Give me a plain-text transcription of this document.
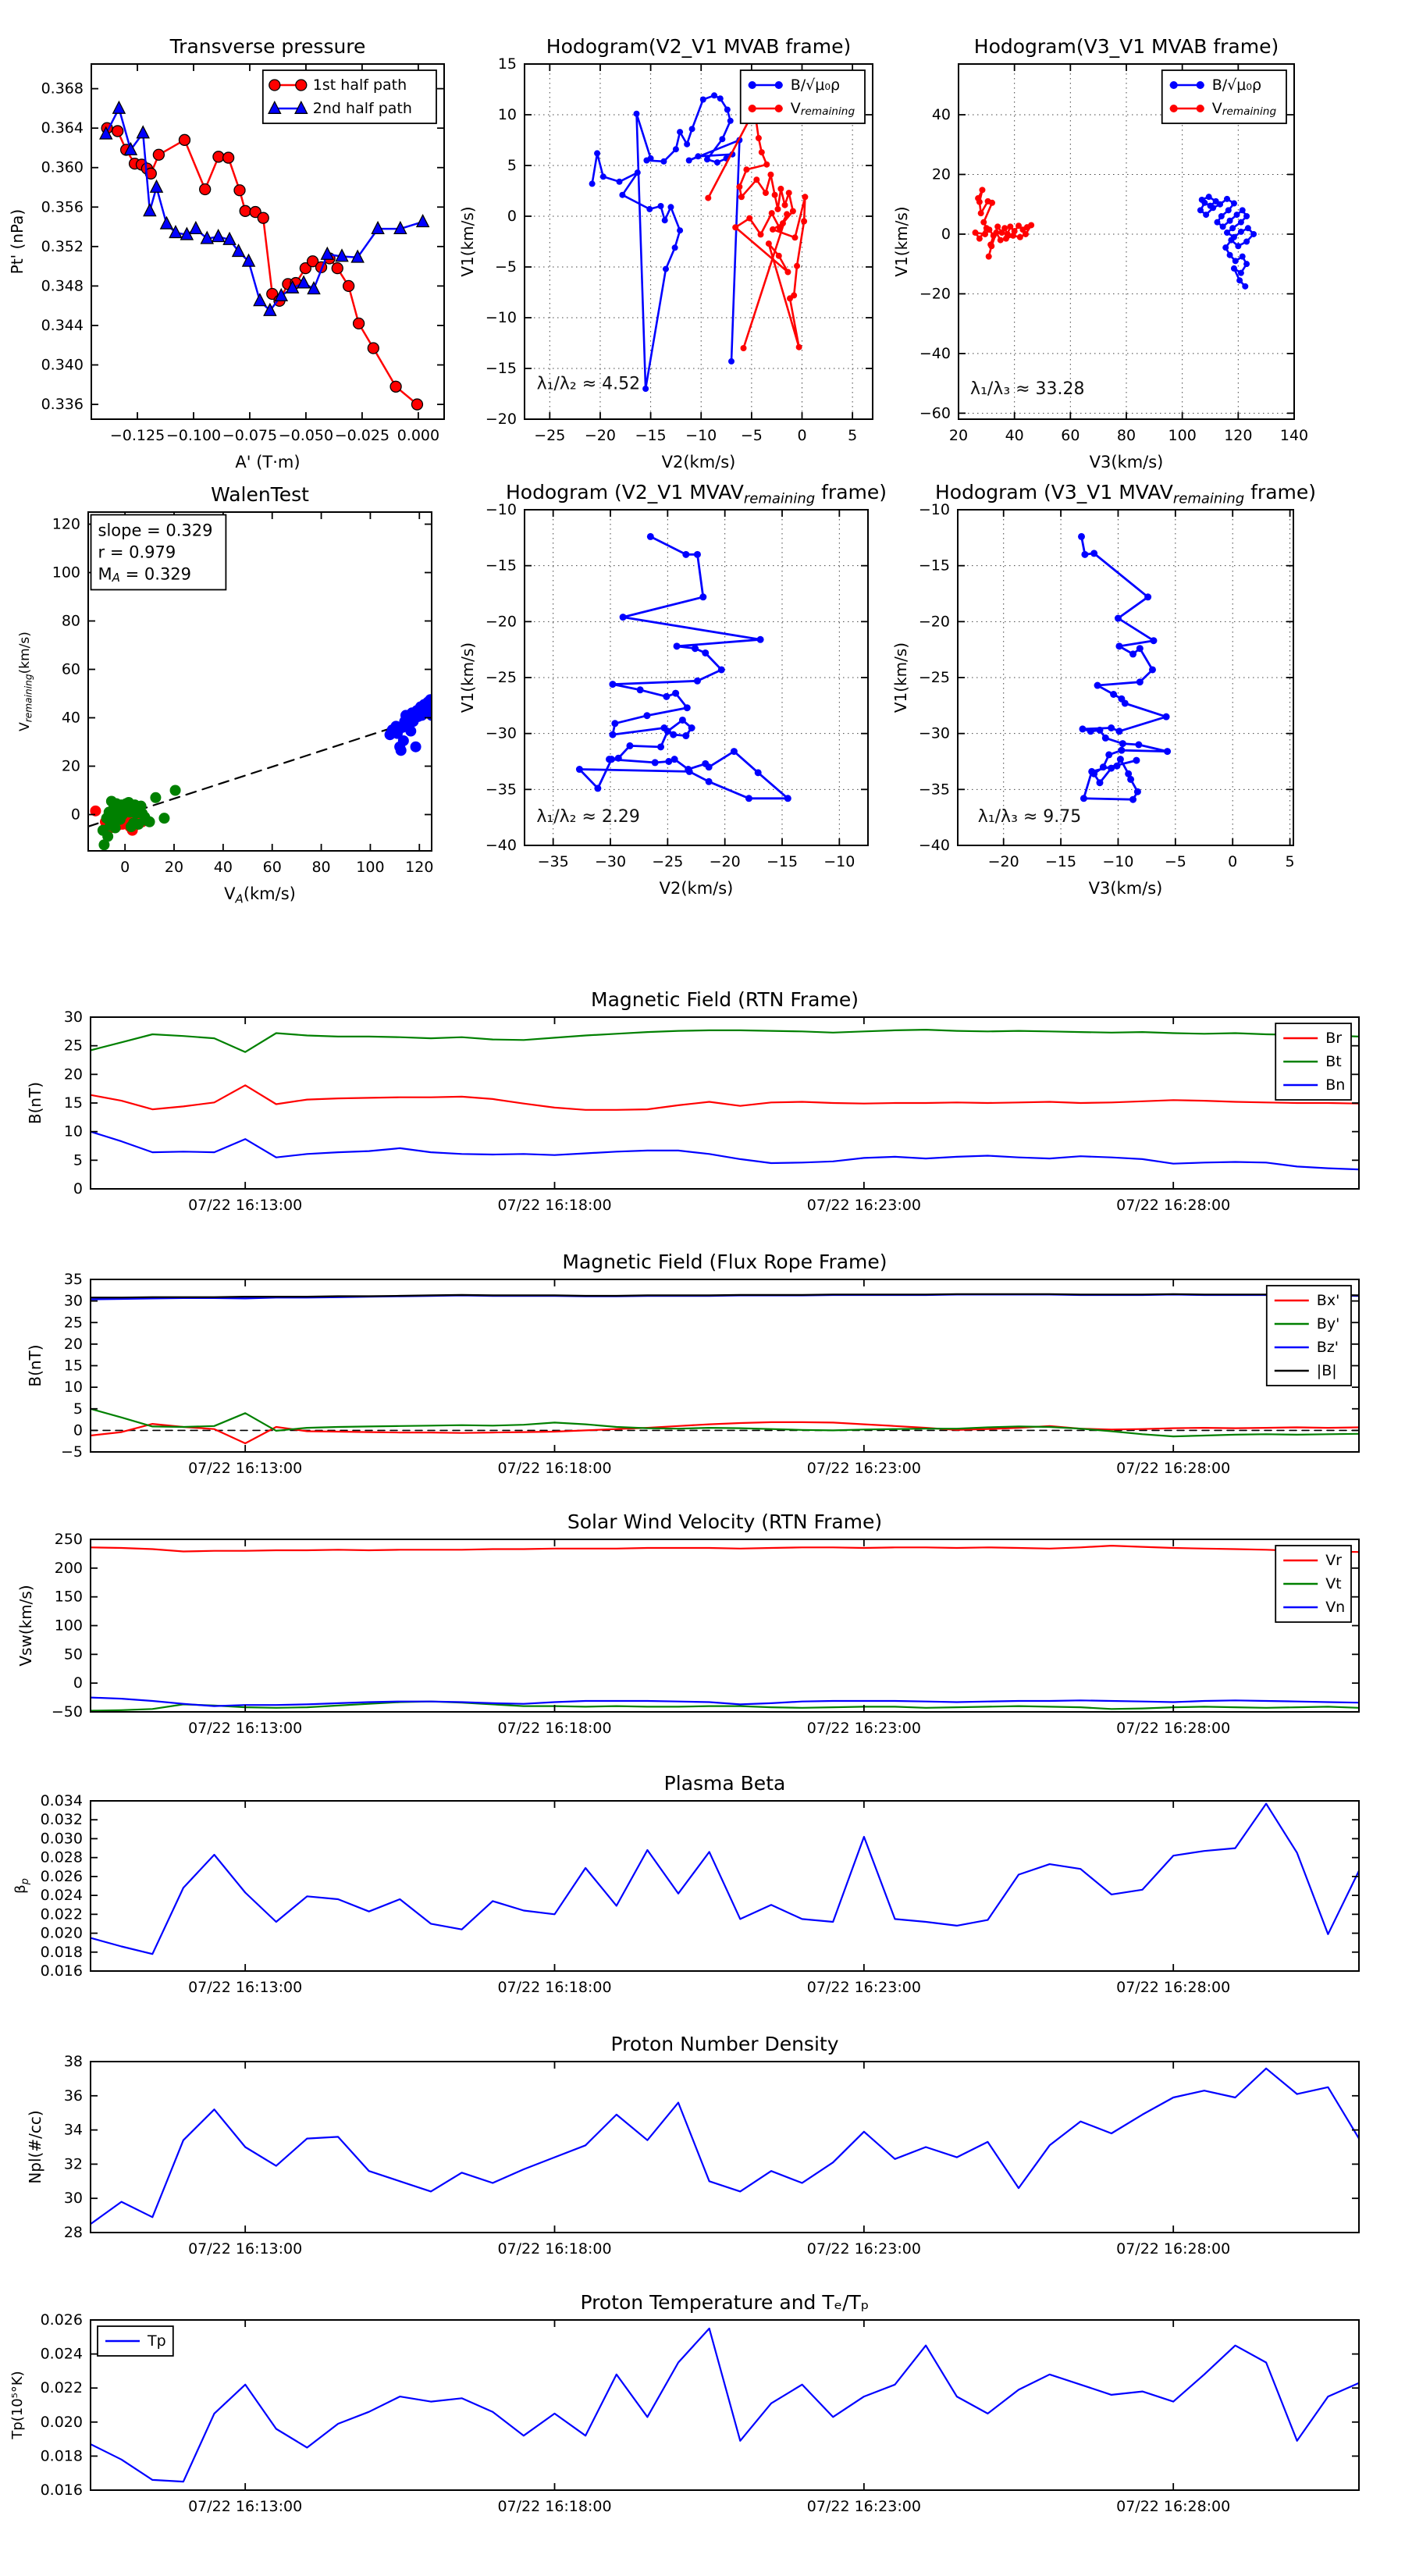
−0.125 −0.100 −0.075 −0.050 −0.025 0.000
0.336
0.340
0.344
0.348
0.352
0.356
0.360
0.364
0.368
Transverse pressure
A' (T·m)
Pt' (nPa)
1st half path
2nd half path
−25 −20 −15 −10 −5 0	5
−20
−15
−10
−5
0
5
10
15
Hodogram(V2_V1 MVAB frame)
V2(km/s)
V1(km/s)
λ₁/λ₂ ≈ 4.52
B/√μ₀ρ
$V_{remaining}$
20 40 60 80 100 120 140
−60
−40
−20
0
20
40
Hodogram(V3_V1 MVAB frame)
V3(km/s)
V1(km/s)
λ₁/λ₃ ≈ 33.28
B/√μ₀ρ
$V_{remaining}$
0 20 40 60 80 100 120
0
20
40
60
80
100
120
WalenTest
$V_A(km/s)$
$V_{remaining}(km/s)$
slope = 0.329
r = 0.979
$M_A = 0.329$
−35 −30 −25 −20 −15 −10
−40
−35
−30
−25
−20
−15
−10
Hodogram (V2_V1 $MVAV_{remaining}$ frame)
V2(km/s)
V1(km/s)
λ₁/λ₂ ≈ 2.29
−20 −15 −10 −5	0	5
−40
−35
−30
−25
−20
−15
−10
Hodogram (V3_V1 $MVAV_{remaining}$ frame)
V3(km/s)
V1(km/s)
λ₁/λ₃ ≈ 9.75
07/22 16:13:00	07/22 16:18:00	07/22 16:23:00	07/22 16:28:00
0
5
10
15
20
25
30
Magnetic Field (RTN Frame)
B(nT)
Br
Bt
Bn
07/22 16:13:00	07/22 16:18:00	07/22 16:23:00	07/22 16:28:00
−5
0
5
10
15
20
25
30
35
Magnetic Field (Flux Rope Frame)
B(nT)
Bx'
By'
Bz'
|B|
07/22 16:13:00	07/22 16:18:00	07/22 16:23:00	07/22 16:28:00
−50
0
50
100
150
200
250
Solar Wind Velocity (RTN Frame)
Vsw(km/s)
Vr
Vt
Vn
07/22 16:13:00	07/22 16:18:00	07/22 16:23:00	07/22 16:28:00
0.016
0.018
0.020
0.022
0.024
0.026
0.028
0.030
0.032
0.034
Plasma Beta
$\beta_p$
07/22 16:13:00	07/22 16:18:00	07/22 16:23:00	07/22 16:28:00
28
30
32
34
36
38
Proton Number Density
Npl(#/cc)
07/22 16:13:00	07/22 16:18:00	07/22 16:23:00	07/22 16:28:00
0.016
0.018
0.020
0.022
0.024
0.026
Proton Temperature and Tₑ/Tₚ
Tp(10⁵°K)
Tp
